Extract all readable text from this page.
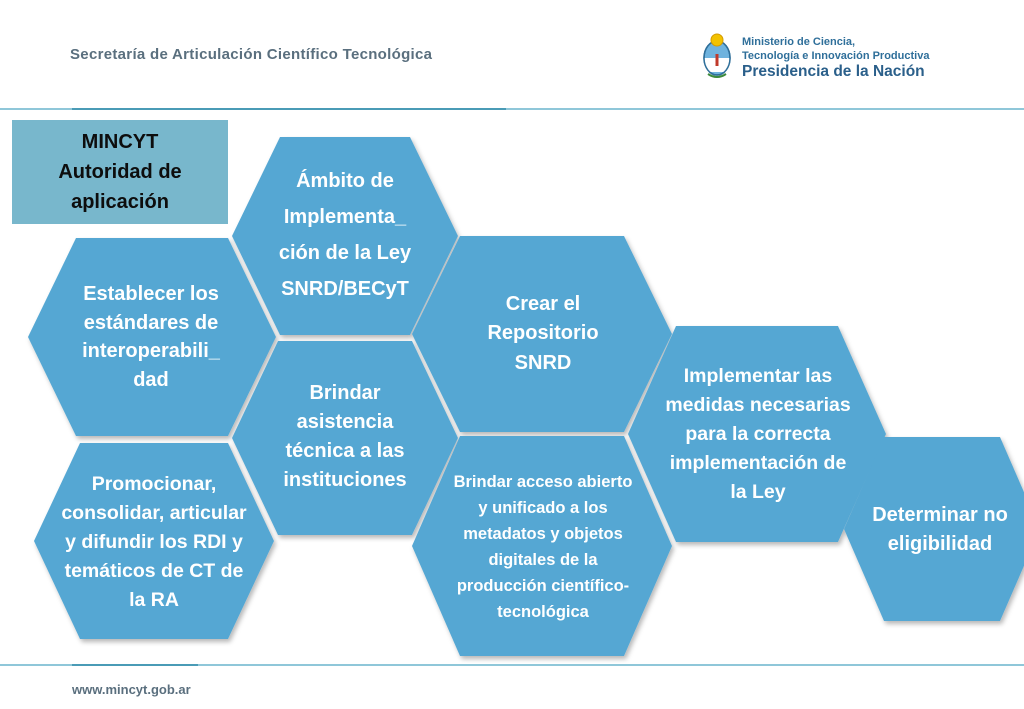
Secretaría de Articulación Científico Tecnológica
Ministerio de Ciencia,
Tecnología e Innovación Productiva
Presidencia de la Nación
MINCYT
Autoridad de
aplicación
Ámbito de Implementa_ ción de la Ley SNRD/BECyT
Establecer los estándares de interoperabili_ dad
Promocionar, consolidar, articular y difundir los RDI y temáticos de CT de la RA
Brindar asistencia técnica a las instituciones
Crear el Repositorio SNRD
Brindar acceso abierto y unificado a los metadatos y objetos digitales de la producción científico-tecnológica
Implementar las medidas necesarias para la correcta implementación de la Ley
Determinar no eligibilidad
www.mincyt.gob.ar
